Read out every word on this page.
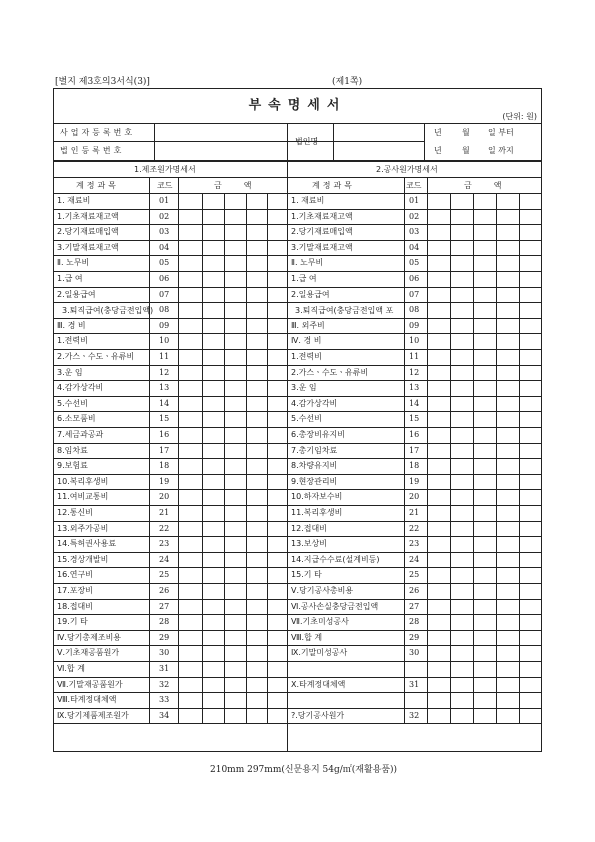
[별지 제3호의3서식(3)]	(제1쪽)
부속명세서
(단위: 원)
사업자등록번호
법인등록번호
법인명
년	월 일 부터
년	월 일 까지
1.제조원가명세서	2.공사원가명세서
계정과목	코드	금액	계정과목	코드	금액
1. 재료비	01	1. 재료비	01
1.기초재료재고액	02	1.기초재료재고액	02
2.당기재료매입액	03	2.당기재료매입액	03
3.기말재료재고액	04	3.기말재료재고액	04
Ⅱ. 노무비	05	Ⅱ. 노무비	05
1.급 여	06	1.급 여	06
2.일용급여	07	2.일용급여	07
3.퇴직급여(충당금전입액) 08	3.퇴직급여(충당금전입액 포 08
Ⅲ. 경 비	09	Ⅲ. 외주비	09
1.전력비	10	Ⅳ. 경 비	10
2.가스ㆍ수도ㆍ유류비	11	1.전력비	11
3.운 임	12	2.가스ㆍ수도ㆍ유류비	12
4.감가상각비	13	3.운 임	13
5.수선비	14	4.감가상각비	14
6.소모품비	15	5.수선비	15
7.세금과공과	16	6.총장비유지비	16
8.임차료	17	7.총기임차료	17
9.보험료	18	8.차량유지비	18
10.복리후생비	19	9.현장관리비	19
11.여비교통비	20	10.하자보수비	20
12.통신비	21	11.복리후생비	21
13.외주가공비	22	12.접대비	22
14.특허권사용료	23	13.보상비	23
15.경상개발비	24	14.지급수수료(설계비등)	24
16.연구비	25	15.기 타	25
17.포장비	26	Ⅴ.당기공사총비용	26
18.접대비	27	Ⅵ.공사손실충당금전입액	27
19.기 타	28	Ⅶ.기초미성공사	28
Ⅳ.당기총제조비용	29	Ⅷ.합 계	29
Ⅴ.기초재공품원가	30	Ⅸ.기말미성공사	30
Ⅵ.합 계	31
Ⅶ.기말재공품원가	32	Ⅹ.타계정대체액	31
Ⅷ.타계정대체액	33
Ⅸ.당기제품제조원가	34	?.당기공사원가	32
210mm 297mm(신문용지 54g/㎡(재활용품))
